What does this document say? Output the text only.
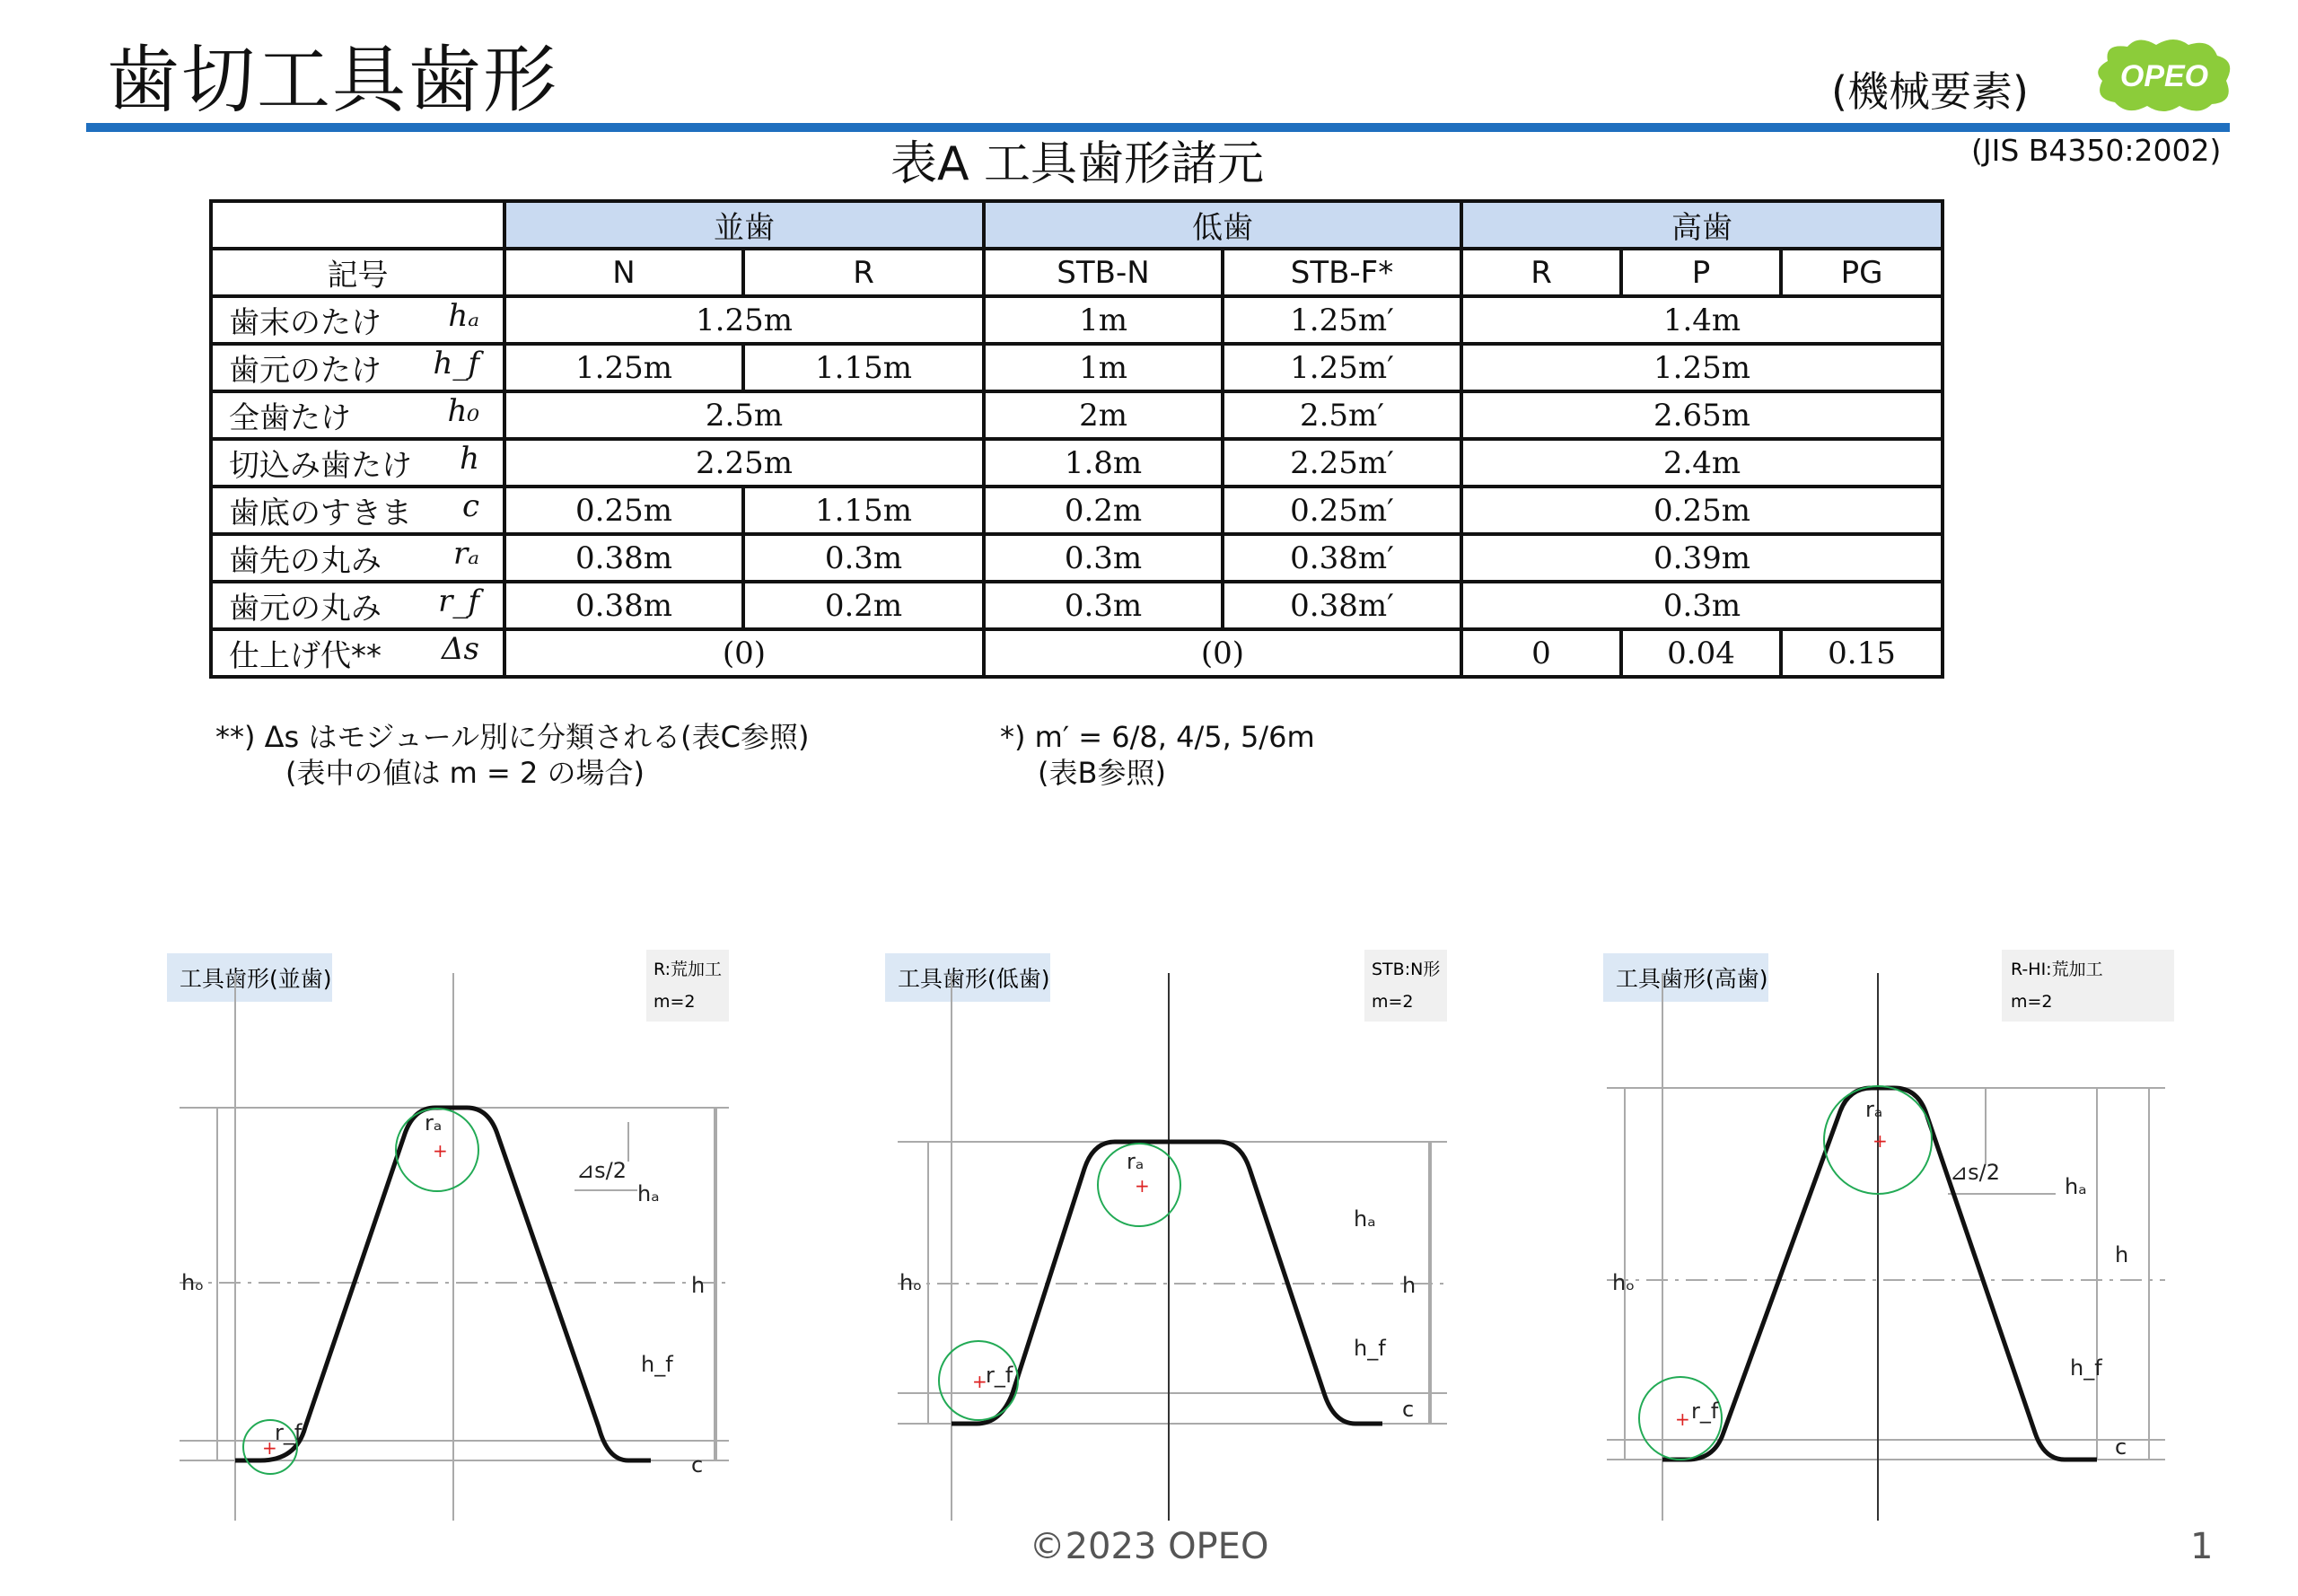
歯切工具歯形	(機械要素)	OPEO
(JIS B4350:2002)
表A 工具歯形諸元
	並歯		低歯		高歯		
記号	N	R	STB-N	STB-F*	R	P	PG

歯末のたけ hₐ	1.25m		1m	1.25m′	1.4m		

歯元のたけ h_f	1.25m	1.15m	1m	1.25m′	1.25m		

全歯たけ h₀	2.5m		2m	2.5m′	2.65m		

切込み歯たけ h	2.25m		1.8m	2.25m′	2.4m		

歯底のすきま c	0.25m	1.15m	0.2m	0.25m′	0.25m		

歯先の丸み rₐ	0.38m	0.3m	0.3m	0.38m′	0.39m		

歯元の丸み r_f	0.38m	0.2m	0.3m	0.38m′	0.3m		

仕上げ代** Δs	(0)		(0)		0	0.04	0.15
**) Δs はモジュール別に分類される(表C参照)
(表中の値は m = 2 の場合)
*) m′ = 6/8, 4/5, 5/6m
(表B参照)
工具歯形(並歯)	R:荒加工
m=2
+
+
hₒ	h
hₐ
h_f
c
rₐ
r_f
⊿s/2
工具歯形(低歯)	STB:N形
m=2
+
+
hₒ	h
hₐ
h_f
c
rₐ
r_f
工具歯形(高歯)	R-HI:荒加工
m=2
+
+
hₒ
h
hₐ
h_f
c
rₐ
r_f
⊿s/2
©2023 OPEO	1
